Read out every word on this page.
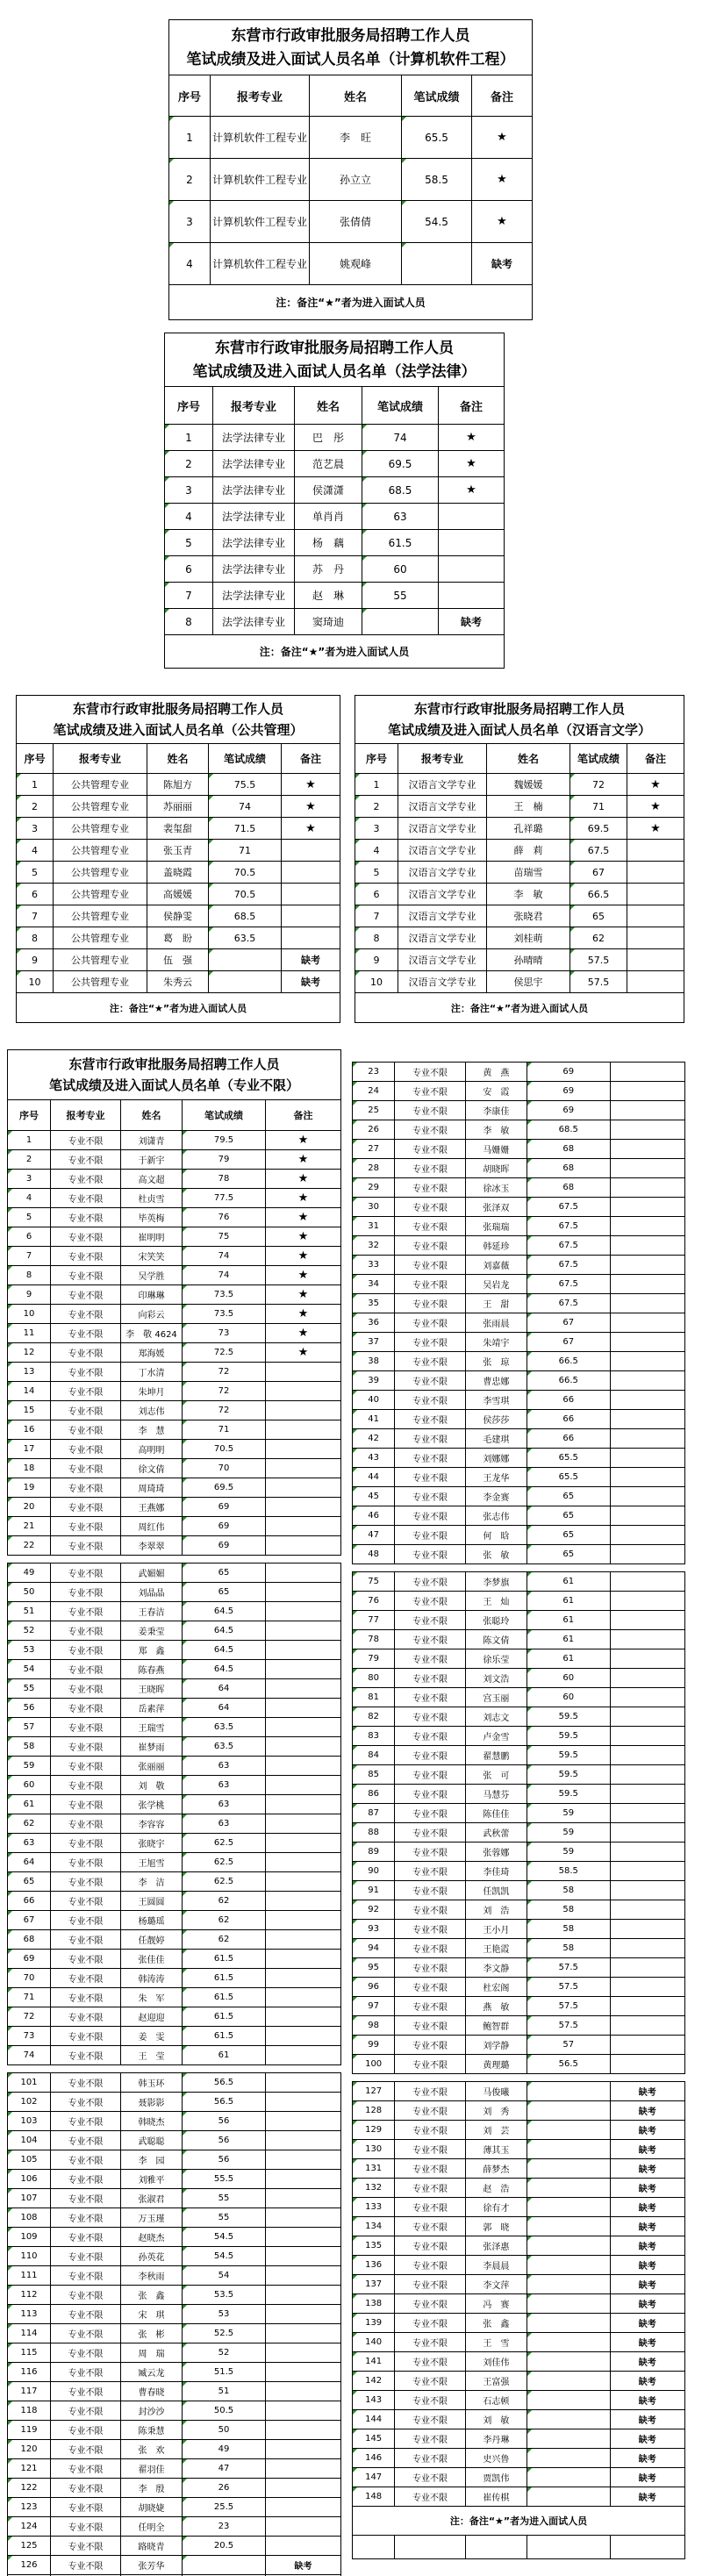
东营市行政审批服务局招聘工作人员
笔试成绩及进入面试人员名单（计算机软件工程）				

序号	报考专业	姓名	笔试成绩	备注
1	计算机软件工程专业	李　旺	65.5	★
2	计算机软件工程专业	孙立立	58.5	★
3	计算机软件工程专业	张倩倩	54.5	★
4	计算机软件工程专业	姚观峰		缺考
注：备注“★”者为进入面试人员				
东营市行政审批服务局招聘工作人员
笔试成绩及进入面试人员名单（法学法律）				

序号	报考专业	姓名	笔试成绩	备注
1	法学法律专业	巴　彤	74	★
2	法学法律专业	范艺晨	69.5	★
3	法学法律专业	侯潇潇	68.5	★
4	法学法律专业	单肖肖	63	
5	法学法律专业	杨　藕	61.5	
6	法学法律专业	苏　丹	60	
7	法学法律专业	赵　琳	55	
8	法学法律专业	窦琦迪		缺考
注：备注“★”者为进入面试人员				
东营市行政审批服务局招聘工作人员
笔试成绩及进入面试人员名单（公共管理）				

序号	报考专业	姓名	笔试成绩	备注
1	公共管理专业	陈旭方	75.5	★
2	公共管理专业	苏丽丽	74	★
3	公共管理专业	裴玺甜	71.5	★
4	公共管理专业	张玉青	71	
5	公共管理专业	盖晓霞	70.5	
6	公共管理专业	高媛媛	70.5	
7	公共管理专业	侯静雯	68.5	
8	公共管理专业	葛　盼	63.5	
9	公共管理专业	伍　强		缺考
10	公共管理专业	朱秀云		缺考
注：备注“★”者为进入面试人员				
东营市行政审批服务局招聘工作人员
笔试成绩及进入面试人员名单（汉语言文学）				

序号	报考专业	姓名	笔试成绩	备注
1	汉语言文学专业	魏媛媛	72	★
2	汉语言文学专业	王　楠	71	★
3	汉语言文学专业	孔祥璐	69.5	★
4	汉语言文学专业	薛　莉	67.5	
5	汉语言文学专业	苗瑞雪	67	
6	汉语言文学专业	李　敏	66.5	
7	汉语言文学专业	张晓君	65	
8	汉语言文学专业	刘桂萌	62	
9	汉语言文学专业	孙晴晴	57.5	
10	汉语言文学专业	侯思宇	57.5	
注：备注“★”者为进入面试人员				
东营市行政审批服务局招聘工作人员
笔试成绩及进入面试人员名单（专业不限）				

序号	报考专业	姓名	笔试成绩	备注
1	专业不限	刘潇青	79.5	★
2	专业不限	于新宇	79	★
3	专业不限	高文超	78	★
4	专业不限	杜贞雪	77.5	★
5	专业不限	毕英梅	76	★
6	专业不限	崔明明	75	★
7	专业不限	宋笑笑	74	★
8	专业不限	吴学胜	74	★
9	专业不限	印琳琳	73.5	★
10	专业不限	向彩云	73.5	★
11	专业不限	李　敬 4624	73	★
12	专业不限	郑海媛	72.5	★
13	专业不限	丁水清	72	
14	专业不限	朱坤月	72	
15	专业不限	刘志伟	72	
16	专业不限	李　慧	71	
17	专业不限	高明明	70.5	
18	专业不限	徐文倩	70	
19	专业不限	周琦琦	69.5	
20	专业不限	王燕娜	69	
21	专业不限	周红伟	69	
22	专业不限	李翠翠	69	
49	专业不限	武媚媚	65	
50	专业不限	刘晶晶	65	
51	专业不限	王春洁	64.5	
52	专业不限	姜秉莹	64.5	
53	专业不限	郑　鑫	64.5	
54	专业不限	陈春燕	64.5	
55	专业不限	王晓晖	64	
56	专业不限	岳素萍	64	
57	专业不限	王瑞雪	63.5	
58	专业不限	崔梦雨	63.5	
59	专业不限	张丽丽	63	
60	专业不限	刘　敬	63	
61	专业不限	张学桃	63	
62	专业不限	李容容	63	
63	专业不限	张晓宇	62.5	
64	专业不限	王旭雪	62.5	
65	专业不限	李　洁	62.5	
66	专业不限	王圆圆	62	
67	专业不限	杨璐瑶	62	
68	专业不限	任靓婷	62	
69	专业不限	张佳佳	61.5	
70	专业不限	韩涛涛	61.5	
71	专业不限	朱　军	61.5	
72	专业不限	赵迎迎	61.5	
73	专业不限	姜　雯	61.5	
74	专业不限	王　莹	61	
101	专业不限	韩玉环	56.5	
102	专业不限	聂影影	56.5	
103	专业不限	韩晓杰	56	
104	专业不限	武聪聪	56	
105	专业不限	李　园	56	
106	专业不限	刘雅平	55.5	
107	专业不限	张淑君	55	
108	专业不限	万玉瑾	55	
109	专业不限	赵晓杰	54.5	
110	专业不限	孙英花	54.5	
111	专业不限	李秋雨	54	
112	专业不限	张　鑫	53.5	
113	专业不限	宋　琪	53	
114	专业不限	张　彬	52.5	
115	专业不限	周　瑞	52	
116	专业不限	臧云龙	51.5	
117	专业不限	曹春晓	51	
118	专业不限	封沙沙	50.5	
119	专业不限	陈秉慧	50	
120	专业不限	张　欢	49	
121	专业不限	翟羽佳	47	
122	专业不限	李　殷	26	
123	专业不限	胡晓婕	25.5	
124	专业不限	任明全	23	
125	专业不限	路晓青	20.5	
126	专业不限	张芳华		缺考

23	专业不限	黄　燕	69	
24	专业不限	安　霞	69	
25	专业不限	李康佳	69	
26	专业不限	李　敏	68.5	
27	专业不限	马姗姗	68	
28	专业不限	胡晓晖	68	
29	专业不限	徐冰玉	68	
30	专业不限	张泽双	67.5	
31	专业不限	张瑞瑞	67.5	
32	专业不限	韩延珍	67.5	
33	专业不限	刘嘉薇	67.5	
34	专业不限	吴岩龙	67.5	
35	专业不限	王　甜	67.5	
36	专业不限	张雨晨	67	
37	专业不限	朱靖宇	67	
38	专业不限	张　琼	66.5	
39	专业不限	曹忠娜	66.5	
40	专业不限	李雪琪	66	
41	专业不限	侯莎莎	66	
42	专业不限	毛建琪	66	
43	专业不限	刘娜娜	65.5	
44	专业不限	王龙华	65.5	
45	专业不限	李金赛	65	
46	专业不限	张志伟	65	
47	专业不限	何　晗	65	
48	专业不限	张　敏	65	
75	专业不限	李梦旗	61	
76	专业不限	王　灿	61	
77	专业不限	张聪玲	61	
78	专业不限	陈文倩	61	
79	专业不限	徐乐莹	61	
80	专业不限	刘文浩	60	
81	专业不限	宫玉丽	60	
82	专业不限	刘志文	59.5	
83	专业不限	卢金雪	59.5	
84	专业不限	翟慧鹏	59.5	
85	专业不限	张　可	59.5	
86	专业不限	马慧芬	59.5	
87	专业不限	陈佳佳	59	
88	专业不限	武秋蕾	59	
89	专业不限	张蓉娜	59	
90	专业不限	李佳琦	58.5	
91	专业不限	任凯凯	58	
92	专业不限	刘　浩	58	
93	专业不限	王小月	58	
94	专业不限	王艳霞	58	
95	专业不限	李文静	57.5	
96	专业不限	杜宏阁	57.5	
97	专业不限	燕　敏	57.5	
98	专业不限	鲍智群	57.5	
99	专业不限	刘学静	57	
100	专业不限	黄理璐	56.5	
127	专业不限	马俊曦		缺考
128	专业不限	刘　秀		缺考
129	专业不限	刘　芸		缺考
130	专业不限	薄其玉		缺考
131	专业不限	薛梦杰		缺考
132	专业不限	赵　浩		缺考
133	专业不限	徐有才		缺考
134	专业不限	郭　晓		缺考
135	专业不限	张泽惠		缺考
136	专业不限	李晨晨		缺考
137	专业不限	李文萍		缺考
138	专业不限	冯　赛		缺考
139	专业不限	张　鑫		缺考
140	专业不限	王　雪		缺考
141	专业不限	刘佳伟		缺考
142	专业不限	王富强		缺考
143	专业不限	石志顿		缺考
144	专业不限	刘　敏		缺考
145	专业不限	李丹琳		缺考
146	专业不限	史兴鲁		缺考
147	专业不限	贾凯伟		缺考
148	专业不限	崔传棋		缺考
注：备注“★”者为进入面试人员				
